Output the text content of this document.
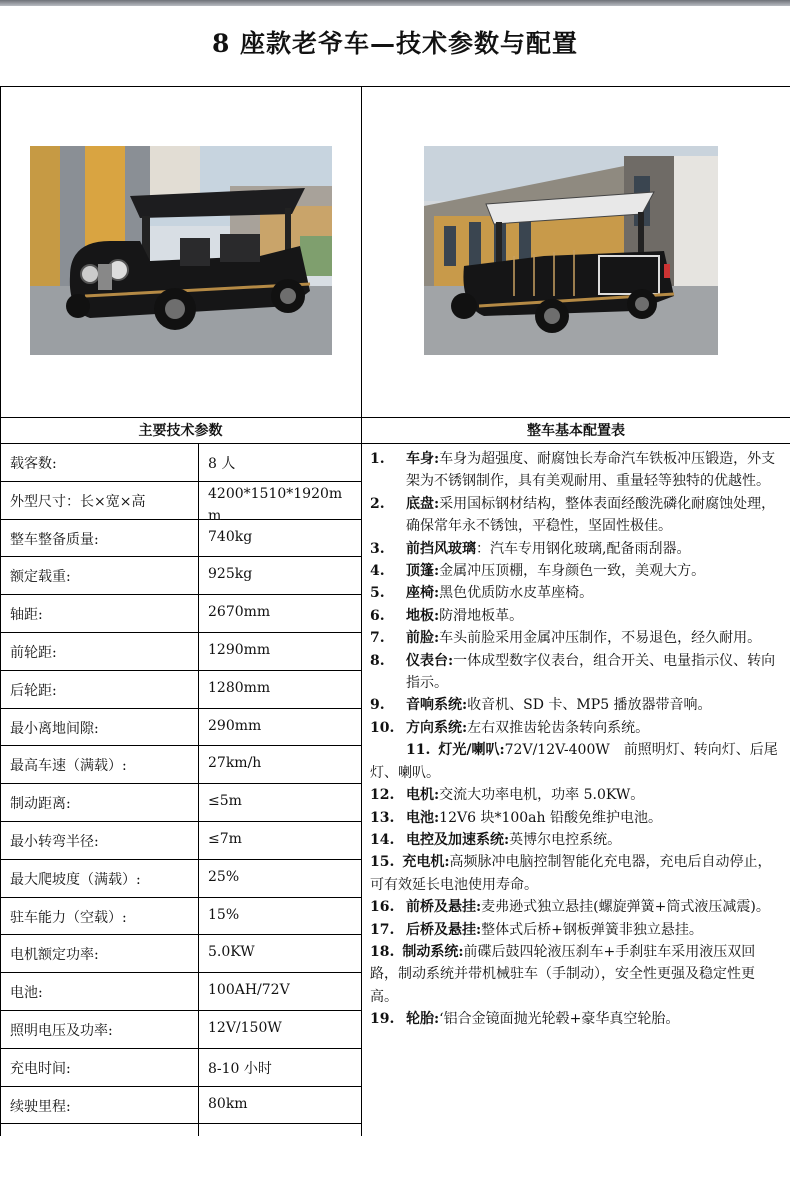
8 座款老爷车—技术参数与配置
主要技术参数	整车基本配置表
载客数:	8 人
外型尺寸：长×宽×高	4200*1510*1920m m
整车整备质量:	740kg
额定载重:	925kg
轴距:	2670mm
前轮距:	1290mm
后轮距:	1280mm
最小离地间隙:	290mm
最高车速（满载）:	27km/h
制动距离:	≤5m
最小转弯半径:	≤7m
最大爬坡度（满载）:	25%
驻车能力（空载）:	15%
电机额定功率:	5.0KW
电池:	100AH/72V
照明电压及功率:	12V/150W
充电时间:	8-10 小时
续驶里程:	80km
1. 车身:车身为超强度、耐腐蚀长寿命汽车铁板冲压锻造，外支架为不锈钢制作，具有美观耐用、重量轻等独特的优越性。
2. 底盘:采用国标钢材结构，整体表面经酸洗磷化耐腐蚀处理，确保常年永不锈蚀，平稳性，坚固性极佳。
3. 前挡风玻璃：汽车专用钢化玻璃,配备雨刮器。
4. 顶篷:金属冲压顶棚，车身颜色一致，美观大方。
5. 座椅:黑色优质防水皮革座椅。
6. 地板:防滑地板革。
7. 前脸:车头前脸采用金属冲压制作，不易退色，经久耐用。
8. 仪表台:一体成型数字仪表台，组合开关、电量指示仪、转向指示。
9. 音响系统:收音机、SD 卡、MP5 播放器带音响。
10. 方向系统:左右双推齿轮齿条转向系统。
11. 灯光/喇叭:72V/12V-400W　前照明灯、转向灯、后尾灯、喇叭。
12. 电机:交流大功率电机，功率 5.0KW。
13. 电池:12V6 块*100ah 铅酸免维护电池。
14. 电控及加速系统:英博尔电控系统。
15. 充电机:高频脉冲电脑控制智能化充电器，充电后自动停止，可有效延长电池使用寿命。
16. 前桥及悬挂:麦弗逊式独立悬挂(螺旋弹簧+筒式液压减震)。
17. 后桥及悬挂:整体式后桥+钢板弹簧非独立悬挂。
18. 制动系统:前碟后鼓四轮液压刹车+手刹驻车采用液压双回路，制动系统并带机械驻车（手制动），安全性更强及稳定性更高。
19. 轮胎:‘铝合金镜面抛光轮毂+豪华真空轮胎。
